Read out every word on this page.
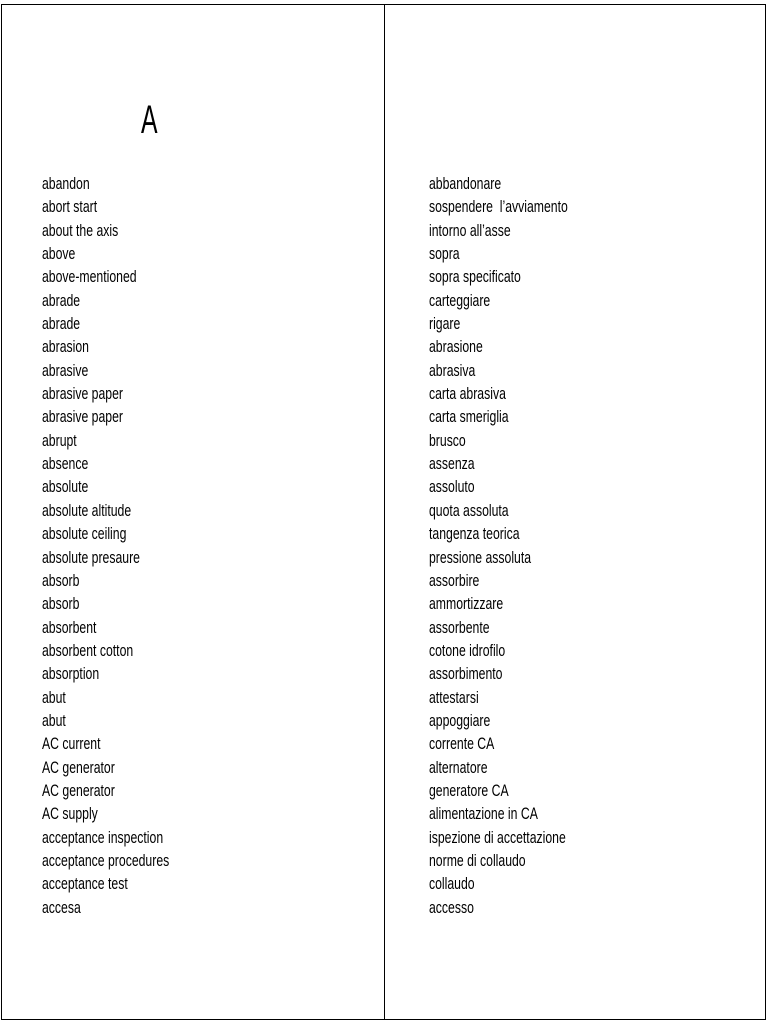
A
abandon
abort start
about the axis
above
above-mentioned
abrade
abrade
abrasion
abrasive
abrasive paper
abrasive paper
abrupt
absence
absolute
absolute altitude
absolute ceiling
absolute presaure
absorb
absorb
absorbent
absorbent cotton
absorption
abut
abut
AC current
AC generator
AC generator
AC supply
acceptance inspection
acceptance procedures
acceptance test
accesa
abbandonare
sospendere  l’avviamento
intorno all’asse
sopra
sopra specificato
carteggiare
rigare
abrasione
abrasiva
carta abrasiva
carta smeriglia
brusco
assenza
assoluto
quota assoluta
tangenza teorica
pressione assoluta
assorbire
ammortizzare
assorbente
cotone idrofilo
assorbimento
attestarsi
appoggiare
corrente CA
alternatore
generatore CA
alimentazione in CA
ispezione di accettazione
norme di collaudo
collaudo
accesso
